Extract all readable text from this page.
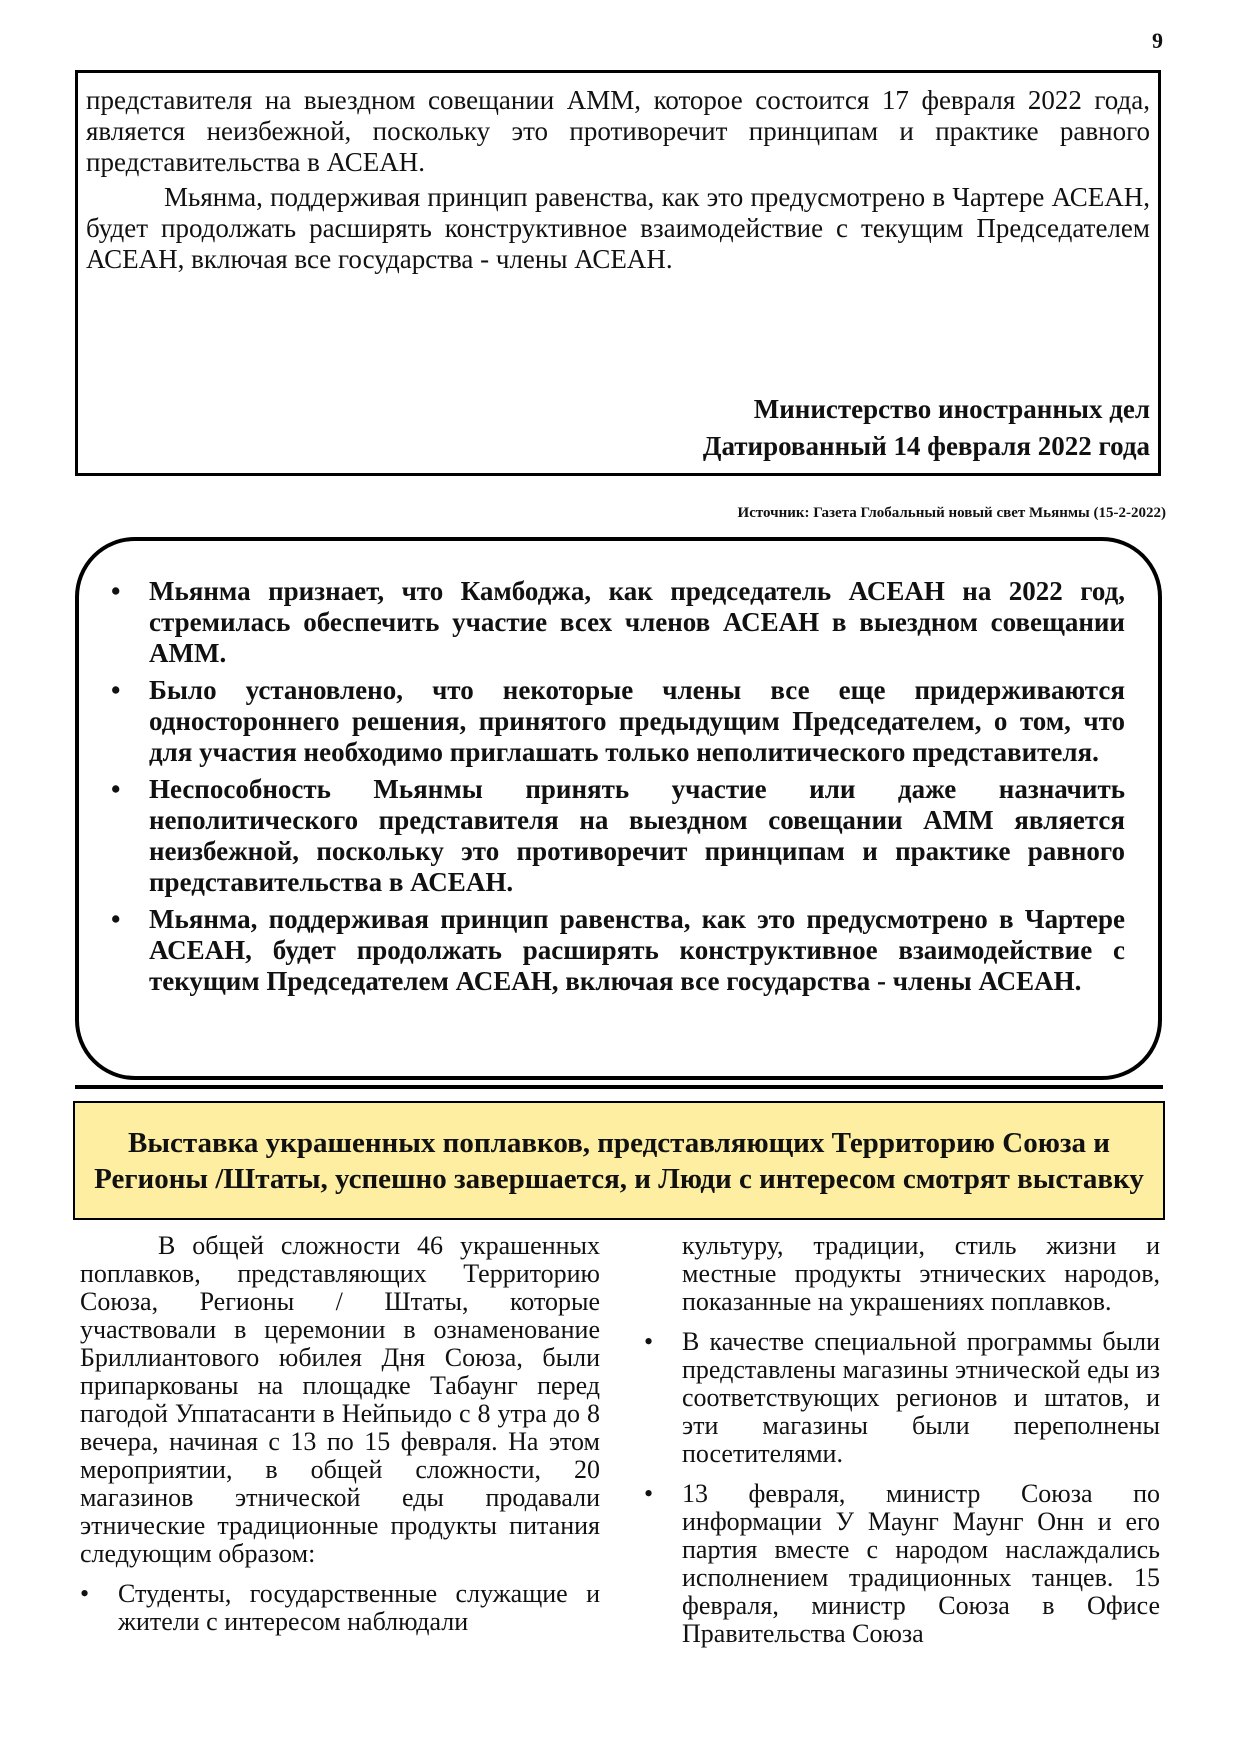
9

представителя на выездном совещании АММ, которое состоится 17 февраля 2022 года, является неизбежной, поскольку это противоречит принципам и практике равного представительства в АСЕАН.

Мьянма, поддерживая принцип равенства, как это предусмотрено в Чартере АСЕАН, будет продолжать расширять конструктивное взаимодействие с текущим Председателем АСЕАН, включая все государства - члены АСЕАН.

Министерство иностранных дел
Датированный 14 февраля 2022 года
Источник: Газета Глобальный новый свет Мьянмы (15-2-2022)
• Мьянма признает, что Камбоджа, как председатель АСЕАН на 2022 год, стремилась обеспечить участие всех членов АСЕАН в выездном совещании АММ.
• Было установлено, что некоторые члены все еще придерживаются одностороннего решения, принятого предыдущим Председателем, о том, что для участия необходимо приглашать только неполитического представителя.
• Неспособность Мьянмы принять участие или даже назначить неполитического представителя на выездном совещании АММ является неизбежной, поскольку это противоречит принципам и практике равного представительства в АСЕАН.
• Мьянма, поддерживая принцип равенства, как это предусмотрено в Чартере АСЕАН, будет продолжать расширять конструктивное взаимодействие с текущим Председателем АСЕАН, включая все государства - члены АСЕАН.
Выставка украшенных поплавков, представляющих Территорию Союза и Регионы /Штаты, успешно завершается, и Люди с интересом смотрят выставку

В общей сложности 46 украшенных поплавков, представляющих Территорию Союза, Регионы / Штаты, которые участвовали в церемонии в ознаменование Бриллиантового юбилея Дня Союза, были припаркованы на площадке Табаунг перед пагодой Уппатасанти в Нейпьидо с 8 утра до 8 вечера, начиная с 13 по 15 февраля. На этом мероприятии, в общей сложности, 20 магазинов этнической еды продавали этнические традиционные продукты питания следующим образом:

• Студенты, государственные служащие и жители с интересом наблюдали

культуру, традиции, стиль жизни и местные продукты этнических народов, показанные на украшениях поплавков.

• В качестве специальной программы были представлены магазины этнической еды из соответствующих регионов и штатов, и эти магазины были переполнены посетителями.
• 13 февраля, министр Союза по информации У Маунг Маунг Онн и его партия вместе с народом наслаждались исполнением традиционных танцев. 15 февраля, министр Союза в Офисе Правительства Союза
